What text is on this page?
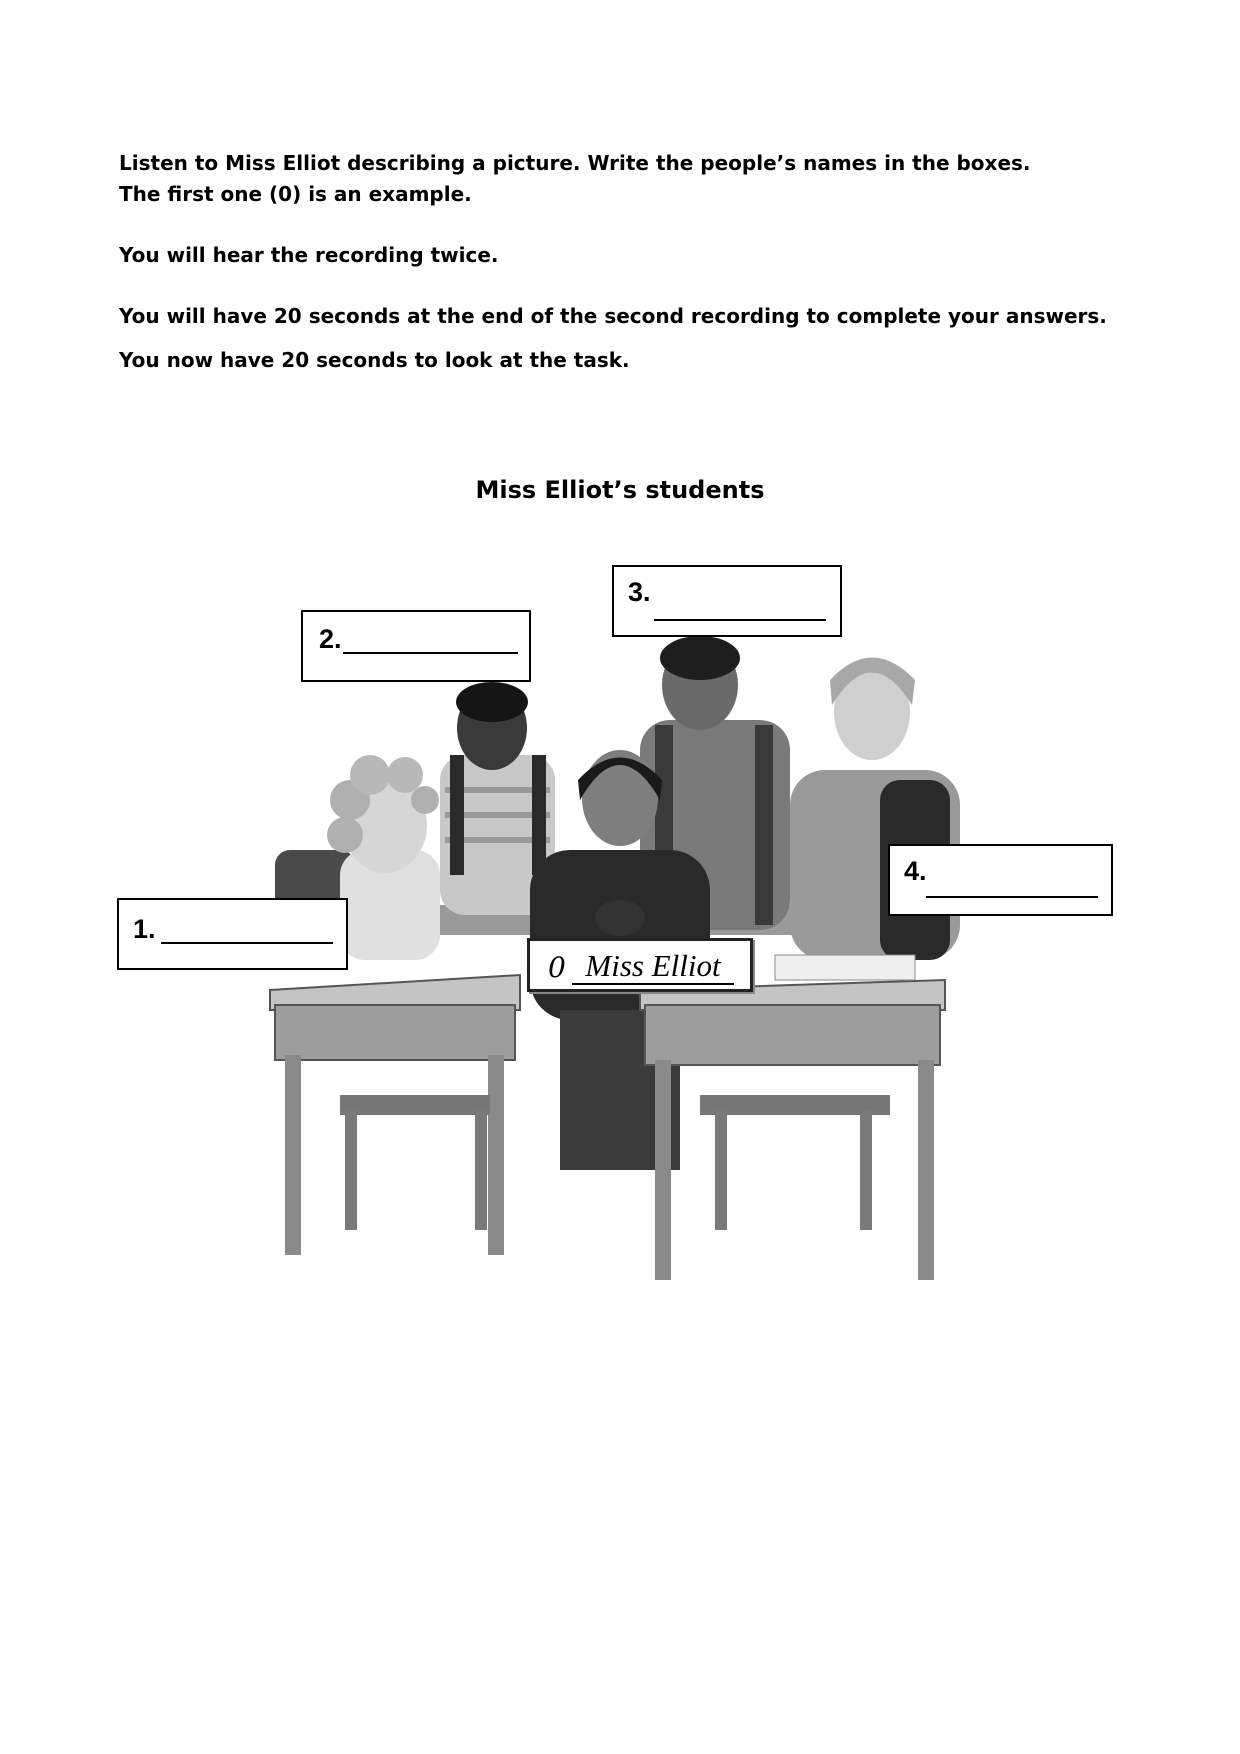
Listen to Miss Elliot describing a picture. Write the people’s names in the boxes.

The first one (0) is an example.

You will hear the recording twice.

You will have 20 seconds at the end of the second recording to complete your answers.

You now have 20 seconds to look at the task.

Miss Elliot’s students
1.
2.
3.
4.
0 Miss Elliot
